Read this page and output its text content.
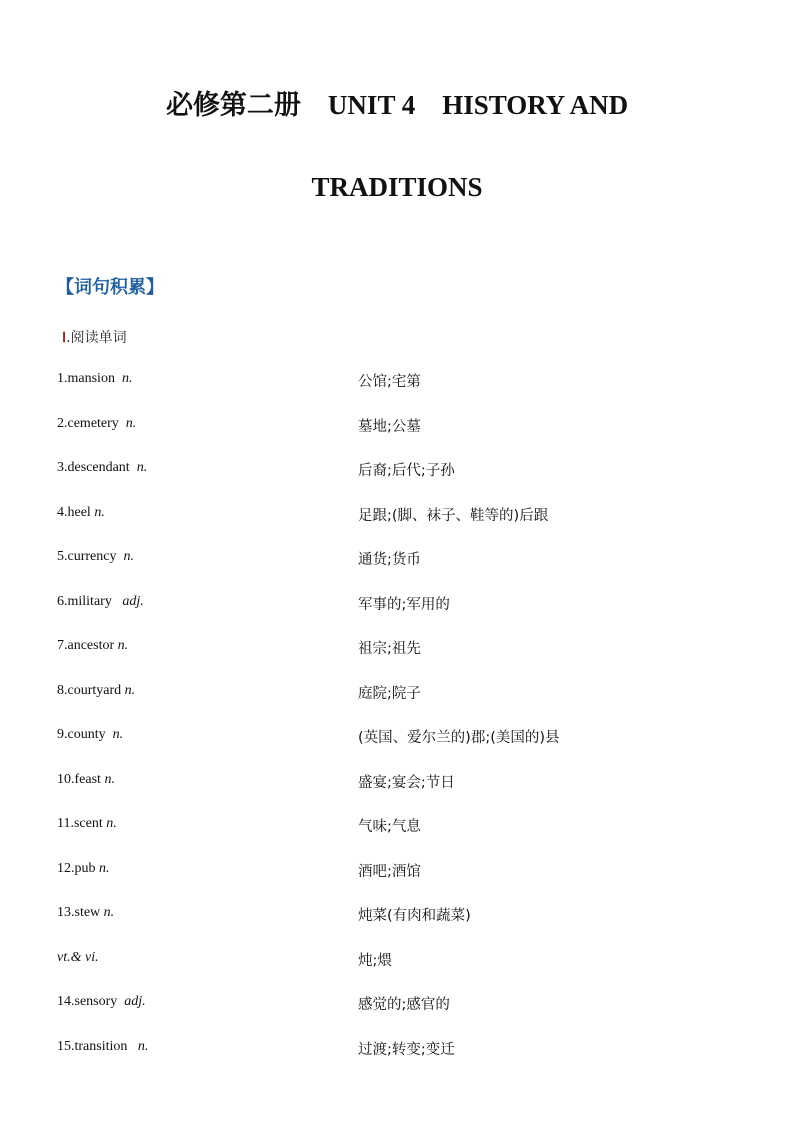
必修第二册　UNIT 4　HISTORY AND
TRADITIONS
【词句积累】
Ⅰ.阅读单词
1.mansion  n.	公馆;宅第
2.cemetery  n.	墓地;公墓
3.descendant  n.	后裔;后代;子孙
4.heel n.	足跟;(脚、袜子、鞋等的)后跟
5.currency  n.	通货;货币
6.military   adj.	军事的;军用的
7.ancestor n.	祖宗;祖先
8.courtyard n.	庭院;院子
9.county  n.	(英国、爱尔兰的)郡;(美国的)县
10.feast n.	盛宴;宴会;节日
11.scent n.	气味;气息
12.pub n.	酒吧;酒馆
13.stew n.	炖菜(有肉和蔬菜)
vt.& vi.	炖;煨
14.sensory  adj.	感觉的;感官的
15.transition   n.	过渡;转变;变迁
